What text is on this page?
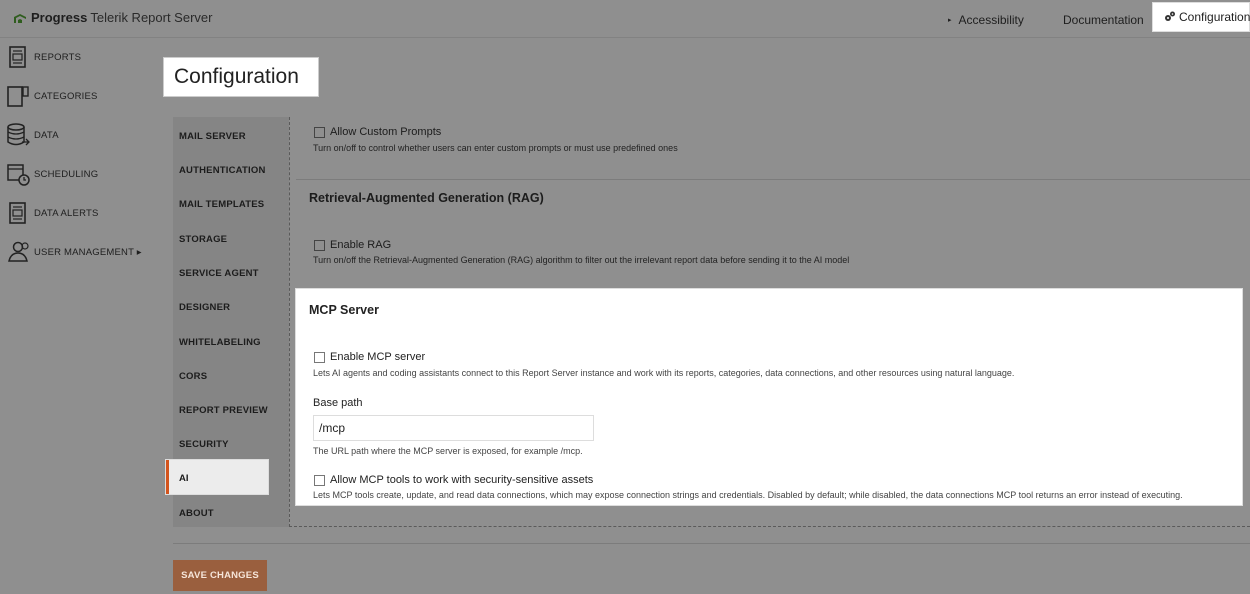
Progress Telerik Report Server	▸ Accessibility	Documentation	Configuration
REPORTS
CATEGORIES
DATA
SCHEDULING
DATA ALERTS
USER MANAGEMENT ▸
Configuration
MAIL SERVER
AUTHENTICATION
MAIL TEMPLATES
STORAGE
SERVICE AGENT
DESIGNER
WHITELABELING
CORS
REPORT PREVIEW
SECURITY
ABOUT
AI
Allow Custom Prompts
Turn on/off to control whether users can enter custom prompts or must use predefined ones
Retrieval-Augmented Generation (RAG)
Enable RAG
Turn on/off the Retrieval-Augmented Generation (RAG) algorithm to filter out the irrelevant report data before sending it to the AI model
MCP Server
Enable MCP server
Lets AI agents and coding assistants connect to this Report Server instance and work with its reports, categories, data connections, and other resources using natural language.
Base path
/mcp
The URL path where the MCP server is exposed, for example /mcp.
Allow MCP tools to work with security-sensitive assets
Lets MCP tools create, update, and read data connections, which may expose connection strings and credentials. Disabled by default; while disabled, the data connections MCP tool returns an error instead of executing.
SAVE CHANGES
